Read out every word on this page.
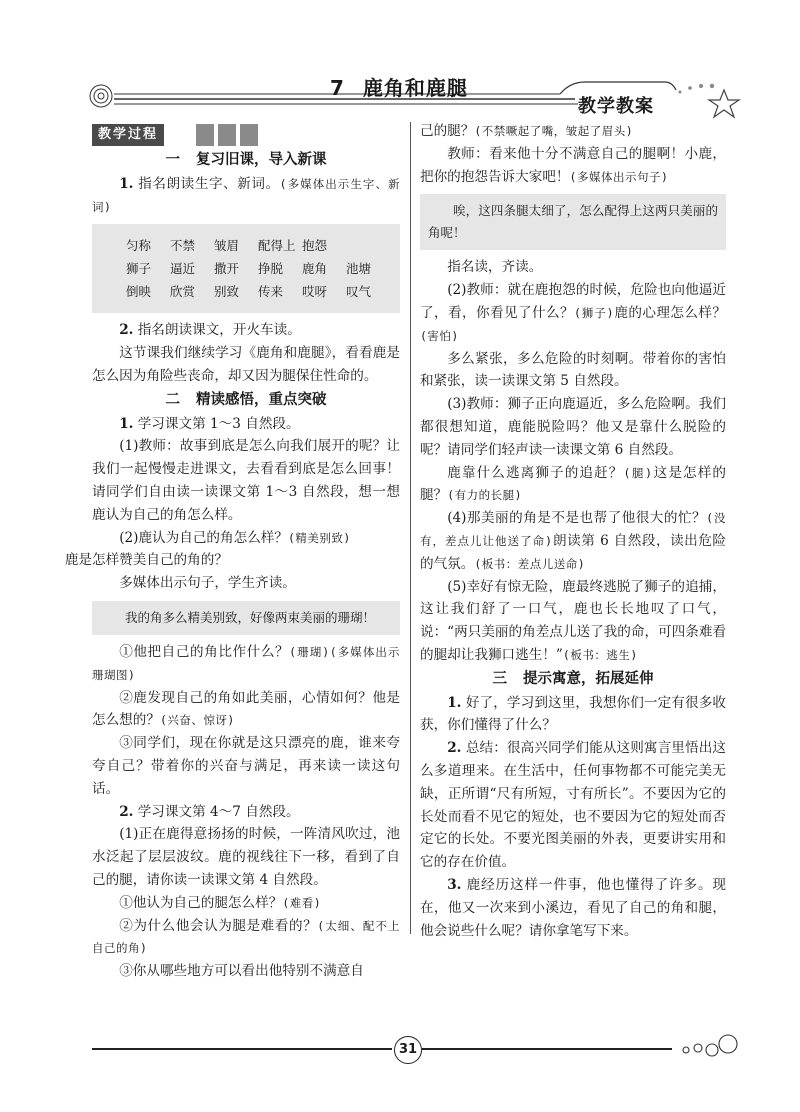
7 鹿角和鹿腿
教学教案
教学过程
一 复习旧课，导入新课

1. 指名朗读生字、新词。(多媒体出示生字、新词)

匀称	不禁	皱眉	配得上 抱怨
狮子	逼近	撒开	挣脱	鹿角	池塘
倒映	欣赏	别致	传来	哎呀	叹气

2. 指名朗读课文，开火车读。

这节课我们继续学习《鹿角和鹿腿》，看看鹿是怎么因为角险些丧命，却又因为腿保住性命的。

二 精读感悟，重点突破

1. 学习课文第 1～3 自然段。

(1)教师：故事到底是怎么向我们展开的呢？让我们一起慢慢走进课文，去看看到底是怎么回事！请同学们自由读一读课文第 1～3 自然段，想一想鹿认为自己的角怎么样。

(2)鹿认为自己的角怎么样？(精美别致)
鹿是怎样赞美自己的角的？

多媒体出示句子，学生齐读。

我的角多么精美别致，好像两束美丽的珊瑚！

①他把自己的角比作什么？(珊瑚)(多媒体出示珊瑚图)

②鹿发现自己的角如此美丽，心情如何？他是怎么想的？(兴奋、惊讶)

③同学们，现在你就是这只漂亮的鹿，谁来夸夸自己？带着你的兴奋与满足，再来读一读这句话。

2. 学习课文第 4～7 自然段。

(1)正在鹿得意扬扬的时候，一阵清风吹过，池水泛起了层层波纹。鹿的视线往下一移，看到了自己的腿，请你读一读课文第 4 自然段。

①他认为自己的腿怎么样？(难看)

②为什么他会认为腿是难看的？(太细、配不上自己的角)

③你从哪些地方可以看出他特别不满意自

己的腿？(不禁噘起了嘴，皱起了眉头)

教师：看来他十分不满意自己的腿啊！小鹿，把你的抱怨告诉大家吧！(多媒体出示句子)

唉，这四条腿太细了，怎么配得上这两只美丽的角呢！

指名读，齐读。

(2)教师：就在鹿抱怨的时候，危险也向他逼近了，看，你看见了什么？(狮子)鹿的心理怎么样？(害怕)

多么紧张，多么危险的时刻啊。带着你的害怕和紧张，读一读课文第 5 自然段。

(3)教师：狮子正向鹿逼近，多么危险啊。我们都很想知道，鹿能脱险吗？他又是靠什么脱险的呢？请同学们轻声读一读课文第 6 自然段。

鹿靠什么逃离狮子的追赶？(腿)这是怎样的腿？(有力的长腿)

(4)那美丽的角是不是也帮了他很大的忙？(没有，差点儿让他送了命)朗读第 6 自然段，读出危险的气氛。(板书：差点儿送命)

(5)幸好有惊无险，鹿最终逃脱了狮子的追捕，这让我们舒了一口气，鹿也长长地叹了口气，说：“两只美丽的角差点儿送了我的命，可四条难看的腿却让我狮口逃生！”(板书：逃生)

三 提示寓意，拓展延伸

1. 好了，学习到这里，我想你们一定有很多收获，你们懂得了什么？

2. 总结：很高兴同学们能从这则寓言里悟出这么多道理来。在生活中，任何事物都不可能完美无缺，正所谓“尺有所短，寸有所长”。不要因为它的长处而看不见它的短处，也不要因为它的短处而否定它的长处。不要光图美丽的外表，更要讲实用和它的存在价值。

3. 鹿经历这样一件事，他也懂得了许多。现在，他又一次来到小溪边，看见了自己的角和腿，他会说些什么呢？请你拿笔写下来。

31
